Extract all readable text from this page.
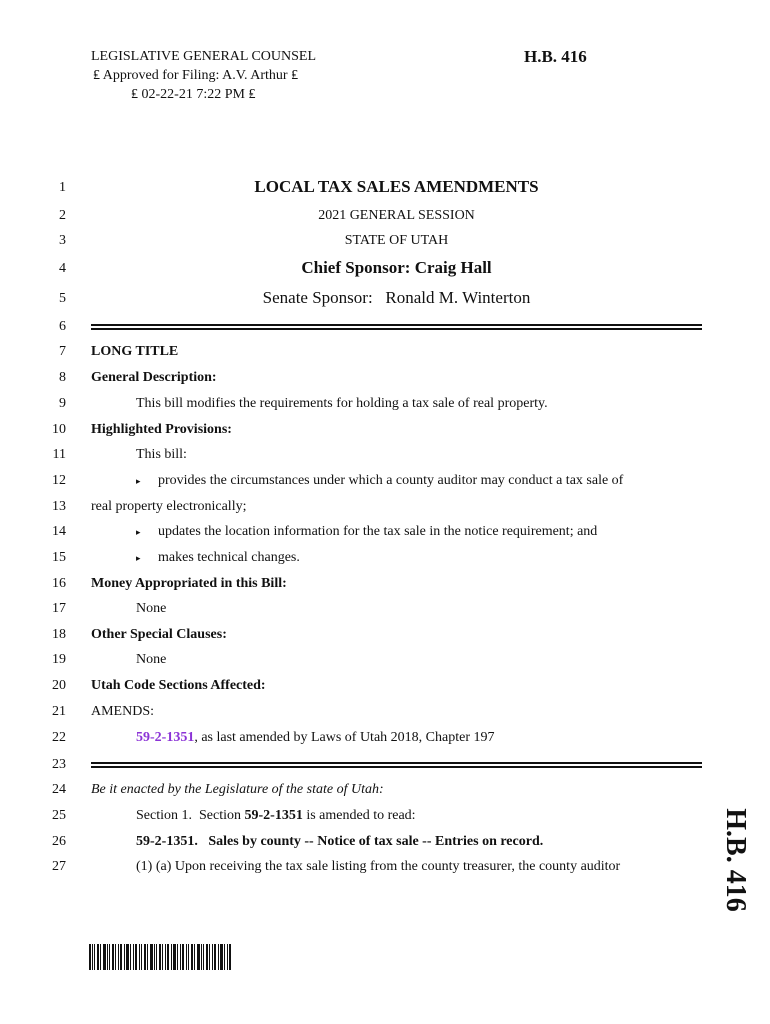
LEGISLATIVE GENERAL COUNSEL
₤ Approved for Filing: A.V. Arthur ₤
₤ 02-22-21 7:22 PM ₤
H.B. 416
1	LOCAL TAX SALES AMENDMENTS
2	2021 GENERAL SESSION
3	STATE OF UTAH
4	Chief Sponsor: Craig Hall
5	Senate Sponsor:   Ronald M. Winterton
6
7 LONG TITLE
8 General Description:
9	This bill modifies the requirements for holding a tax sale of real property.
10 Highlighted Provisions:
11	This bill:
12	▸ provides the circumstances under which a county auditor may conduct a tax sale of
13 real property electronically;
14	▸ updates the location information for the tax sale in the notice requirement; and
15	▸ makes technical changes.
16 Money Appropriated in this Bill:
17	None
18 Other Special Clauses:
19	None
20 Utah Code Sections Affected:
21 AMENDS:
22	59-2-1351, as last amended by Laws of Utah 2018, Chapter 197
23
24 Be it enacted by the Legislature of the state of Utah:
25	Section 1.  Section 59-2-1351 is amended to read:
26	59-2-1351.   Sales by county -- Notice of tax sale -- Entries on record.
27	(1) (a) Upon receiving the tax sale listing from the county treasurer, the county auditor	H.B. 416
